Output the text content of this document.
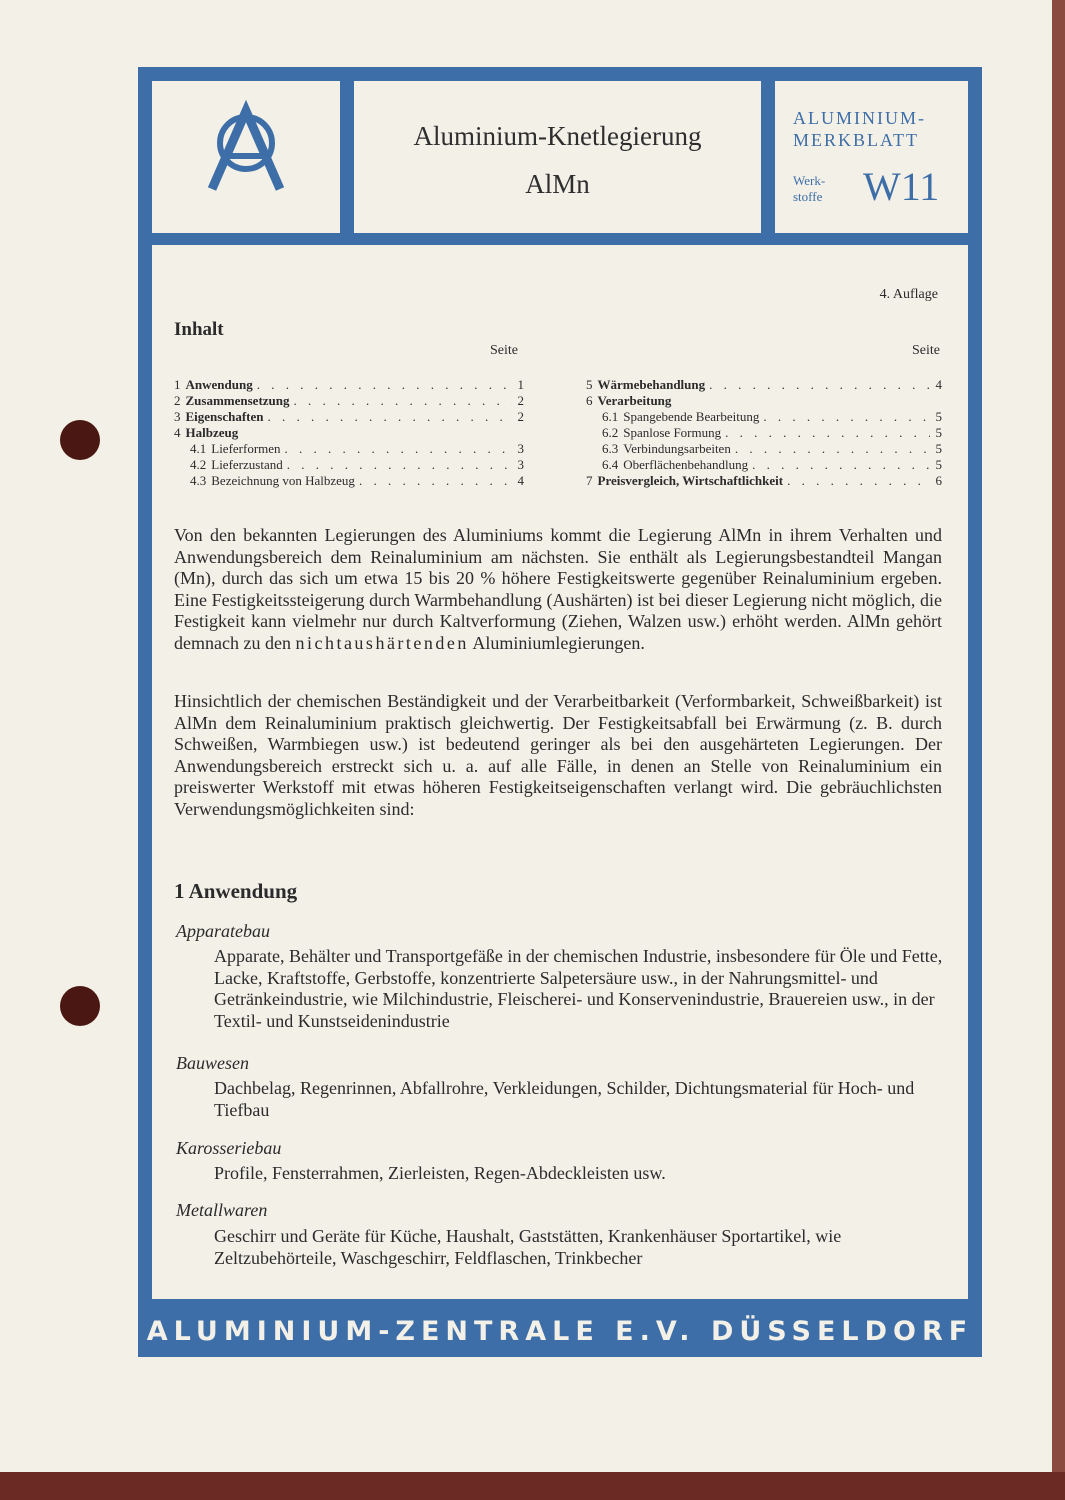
Aluminium-Knetlegierung
AlMn
ALUMINIUM-
MERKBLATT
Werk-
stoffe W11
4. Auflage
Inhalt
Seite	Seite
1 Anwendung . . .	1
2 Zusammensetzung . . .	2
3 Eigenschaften . . .	2
4 Halbzeug
4.1 Lieferformen . . .	3
4.2 Lieferzustand . . .	3
4.3 Bezeichnung von Halbzeug . . .	4
5 Wärmebehandlung . . .	4
6 Verarbeitung
6.1 Spangebende Bearbeitung . . .	5
6.2 Spanlose Formung . . .	5
6.3 Verbindungsarbeiten . . .	5
6.4 Oberflächenbehandlung . . .	5
7 Preisvergleich, Wirtschaftlichkeit . . .	6

Von den bekannten Legierungen des Aluminiums kommt die Legierung AlMn in ihrem Verhalten und Anwendungsbereich dem Reinaluminium am nächsten. Sie enthält als Legierungsbestandteil Mangan (Mn), durch das sich um etwa 15 bis 20 % höhere Festigkeitswerte gegenüber Reinaluminium ergeben. Eine Festigkeitssteigerung durch Warmbehandlung (Aushärten) ist bei dieser Legierung nicht möglich, die Festigkeit kann vielmehr nur durch Kaltverformung (Ziehen, Walzen usw.) erhöht werden. AlMn gehört demnach zu den nichtaushärtenden Aluminiumlegierungen.

Hinsichtlich der chemischen Beständigkeit und der Verarbeitbarkeit (Verformbarkeit, Schweißbarkeit) ist AlMn dem Reinaluminium praktisch gleichwertig. Der Festigkeitsabfall bei Erwärmung (z. B. durch Schweißen, Warmbiegen usw.) ist bedeutend geringer als bei den ausgehärteten Legierungen. Der Anwendungsbereich erstreckt sich u. a. auf alle Fälle, in denen an Stelle von Reinaluminium ein preiswerter Werkstoff mit etwas höheren Festigkeitseigenschaften verlangt wird. Die gebräuchlichsten Verwendungsmöglichkeiten sind:

1 Anwendung
Apparatebau
Apparate, Behälter und Transportgefäße in der chemischen Industrie, insbesondere für Öle und Fette, Lacke, Kraftstoffe, Gerbstoffe, konzentrierte Salpetersäure usw., in der Nahrungsmittel- und Getränkeindustrie, wie Milchindustrie, Fleischerei- und Konservenindustrie, Brauereien usw., in der Textil- und Kunstseidenindustrie
Bauwesen
Dachbelag, Regenrinnen, Abfallrohre, Verkleidungen, Schilder, Dichtungsmaterial für Hoch- und Tiefbau
Karosseriebau
Profile, Fensterrahmen, Zierleisten, Regen-Abdeckleisten usw.
Metallwaren
Geschirr und Geräte für Küche, Haushalt, Gaststätten, Krankenhäuser Sportartikel, wie Zeltzubehörteile, Waschgeschirr, Feldflaschen, Trinkbecher
ALUMINIUM-ZENTRALE E.V. DÜSSELDORF
